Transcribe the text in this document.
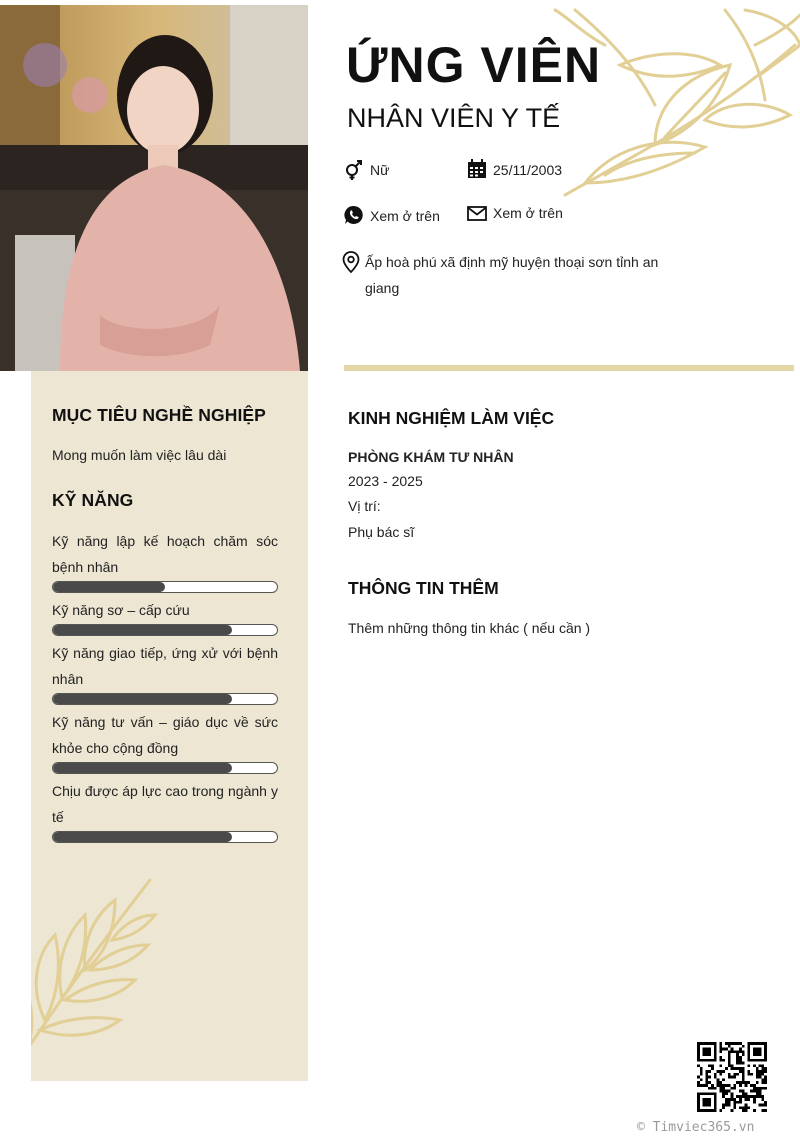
MỤC TIÊU NGHỀ NGHIỆP
Mong muốn làm việc lâu dài
KỸ NĂNG
Kỹ năng lập kế hoạch chăm sóc bệnh nhân
Kỹ năng sơ – cấp cứu
Kỹ năng giao tiếp, ứng xử với bệnh nhân
Kỹ năng tư vấn – giáo dục về sức khỏe cho cộng đồng
Chịu được áp lực cao trong ngành y tế
ỨNG VIÊN
NHÂN VIÊN Y TẾ
Nữ	25/11/2003
Xem ở trên	Xem ở trên
Ấp hoà phú xã định mỹ huyện thoại sơn tỉnh an giang
KINH NGHIỆM LÀM VIỆC
PHÒNG KHÁM TƯ NHÂN
2023 - 2025
Vị trí:
Phụ bác sĩ
THÔNG TIN THÊM
Thêm những thông tin khác ( nếu cần )
© Timviec365.vn
